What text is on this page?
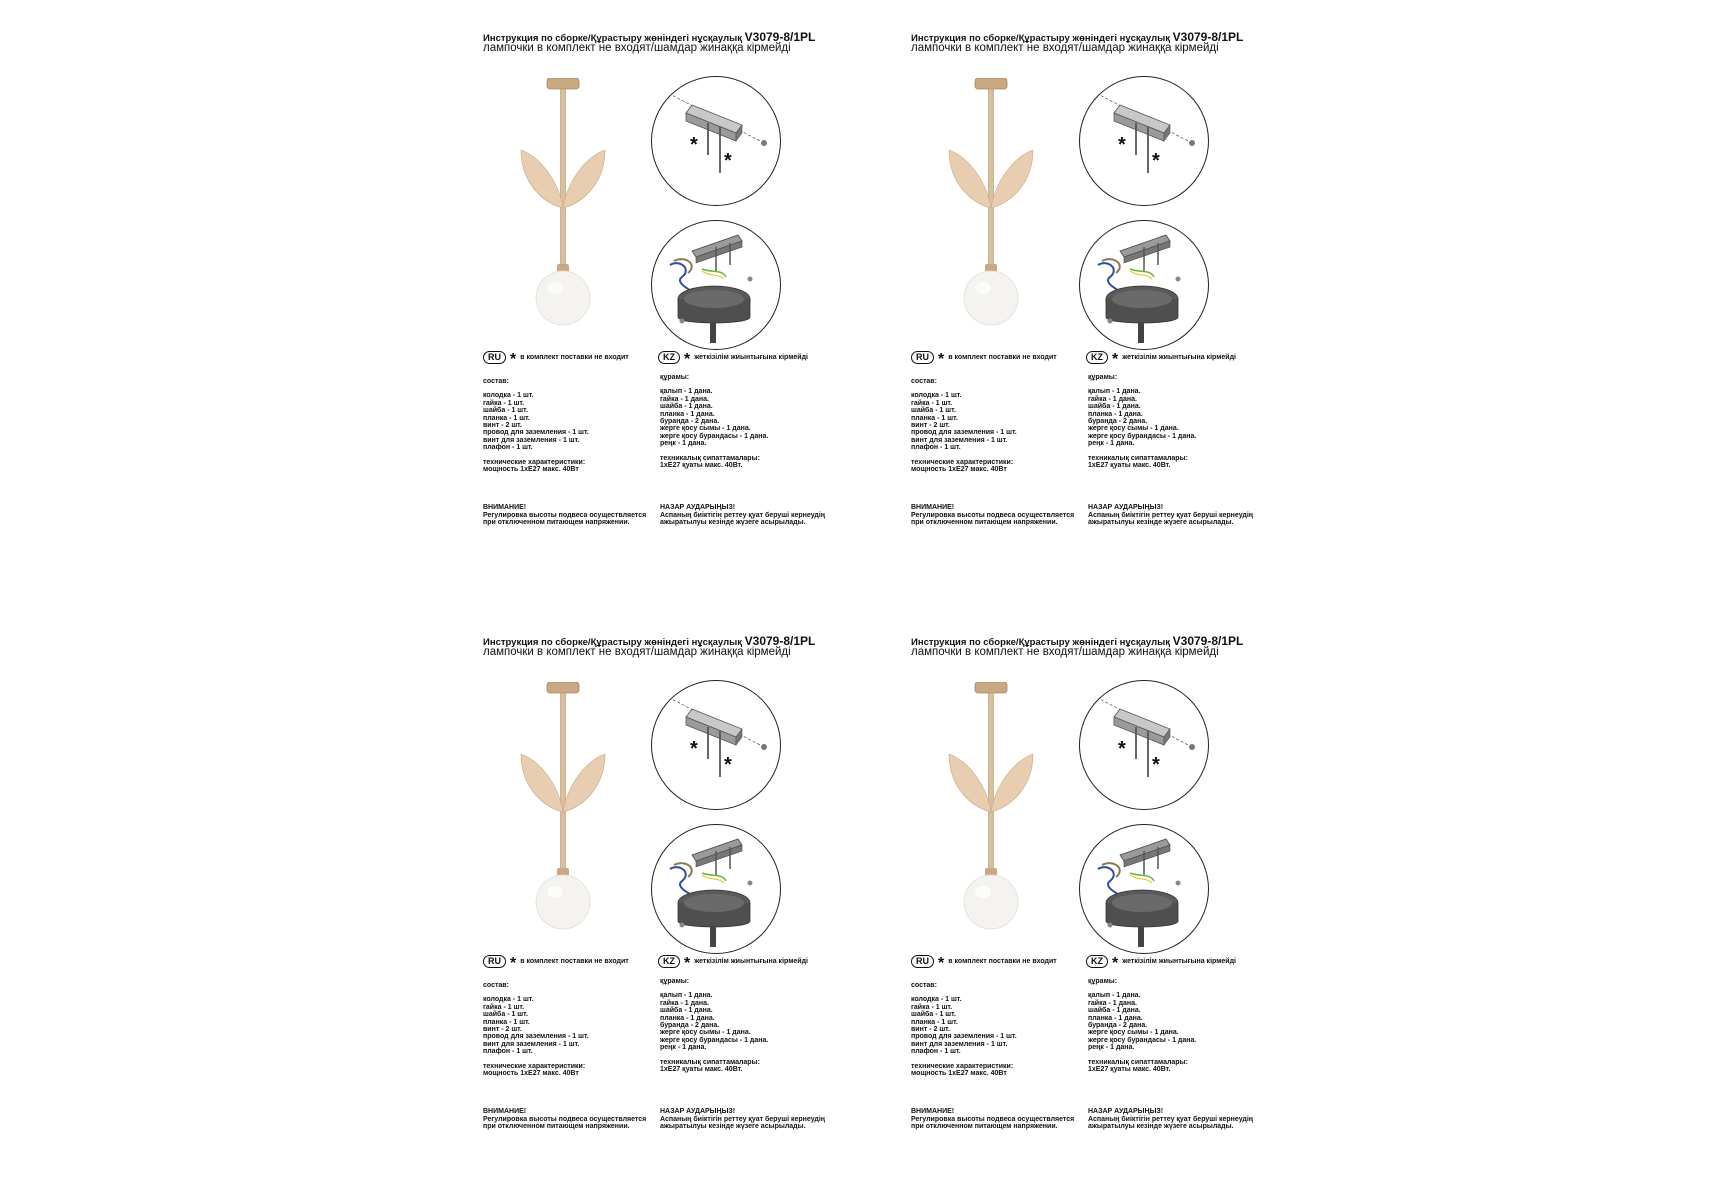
Инструкция по сборке/Құрастыру жөніндегі нұсқаулық V3079-8/1PL
лампочки в комплект не входят/шамдар жинаққа кірмейді
*
*
RU * в комплект поставки не входит	KZ * жеткізілім жиынтығына кірмейді
состав:
колодка - 1 шт.
гайка - 1 шт.
шайба - 1 шт.
планка - 1 шт.
винт - 2 шт.
провод для заземления - 1 шт.
винт для заземления - 1 шт.
плафон - 1 шт.
технические характеристики:
мощность 1хЕ27 макс. 40Вт
құрамы:
қалып - 1 дана.
гайка - 1 дана.
шайба - 1 дана.
планка - 1 дана.
буранда - 2 дана.
жерге қосу сымы - 1 дана.
жерге қосу бурандасы - 1 дана.
реңк - 1 дана.
техникалық сипаттамалары:
1хЕ27 қуаты макс. 40Вт.
ВНИМАНИЕ!
Регулировка высоты подвеса осуществляется
при отключенном питающем напряжении.
НАЗАР АУДАРЫҢЫЗ!
Аспаның биіктігін реттеу қуат беруші кернеудің
ажыратылуы кезінде жүзеге асырылады.
Инструкция по сборке/Құрастыру жөніндегі нұсқаулық V3079-8/1PL
лампочки в комплект не входят/шамдар жинаққа кірмейді
*
*
RU * в комплект поставки не входит	KZ * жеткізілім жиынтығына кірмейді
состав:
колодка - 1 шт.
гайка - 1 шт.
шайба - 1 шт.
планка - 1 шт.
винт - 2 шт.
провод для заземления - 1 шт.
винт для заземления - 1 шт.
плафон - 1 шт.
технические характеристики:
мощность 1хЕ27 макс. 40Вт
құрамы:
қалып - 1 дана.
гайка - 1 дана.
шайба - 1 дана.
планка - 1 дана.
буранда - 2 дана.
жерге қосу сымы - 1 дана.
жерге қосу бурандасы - 1 дана.
реңк - 1 дана.
техникалық сипаттамалары:
1хЕ27 қуаты макс. 40Вт.
ВНИМАНИЕ!
Регулировка высоты подвеса осуществляется
при отключенном питающем напряжении.
НАЗАР АУДАРЫҢЫЗ!
Аспаның биіктігін реттеу қуат беруші кернеудің
ажыратылуы кезінде жүзеге асырылады.
Инструкция по сборке/Құрастыру жөніндегі нұсқаулық V3079-8/1PL
лампочки в комплект не входят/шамдар жинаққа кірмейді
*
*
RU * в комплект поставки не входит	KZ * жеткізілім жиынтығына кірмейді
состав:
колодка - 1 шт.
гайка - 1 шт.
шайба - 1 шт.
планка - 1 шт.
винт - 2 шт.
провод для заземления - 1 шт.
винт для заземления - 1 шт.
плафон - 1 шт.
технические характеристики:
мощность 1хЕ27 макс. 40Вт
құрамы:
қалып - 1 дана.
гайка - 1 дана.
шайба - 1 дана.
планка - 1 дана.
буранда - 2 дана.
жерге қосу сымы - 1 дана.
жерге қосу бурандасы - 1 дана.
реңк - 1 дана.
техникалық сипаттамалары:
1хЕ27 қуаты макс. 40Вт.
ВНИМАНИЕ!
Регулировка высоты подвеса осуществляется
при отключенном питающем напряжении.
НАЗАР АУДАРЫҢЫЗ!
Аспаның биіктігін реттеу қуат беруші кернеудің
ажыратылуы кезінде жүзеге асырылады.
Инструкция по сборке/Құрастыру жөніндегі нұсқаулық V3079-8/1PL
лампочки в комплект не входят/шамдар жинаққа кірмейді
*
*
RU * в комплект поставки не входит	KZ * жеткізілім жиынтығына кірмейді
состав:
колодка - 1 шт.
гайка - 1 шт.
шайба - 1 шт.
планка - 1 шт.
винт - 2 шт.
провод для заземления - 1 шт.
винт для заземления - 1 шт.
плафон - 1 шт.
технические характеристики:
мощность 1хЕ27 макс. 40Вт
құрамы:
қалып - 1 дана.
гайка - 1 дана.
шайба - 1 дана.
планка - 1 дана.
буранда - 2 дана.
жерге қосу сымы - 1 дана.
жерге қосу бурандасы - 1 дана.
реңк - 1 дана.
техникалық сипаттамалары:
1хЕ27 қуаты макс. 40Вт.
ВНИМАНИЕ!
Регулировка высоты подвеса осуществляется
при отключенном питающем напряжении.
НАЗАР АУДАРЫҢЫЗ!
Аспаның биіктігін реттеу қуат беруші кернеудің
ажыратылуы кезінде жүзеге асырылады.
